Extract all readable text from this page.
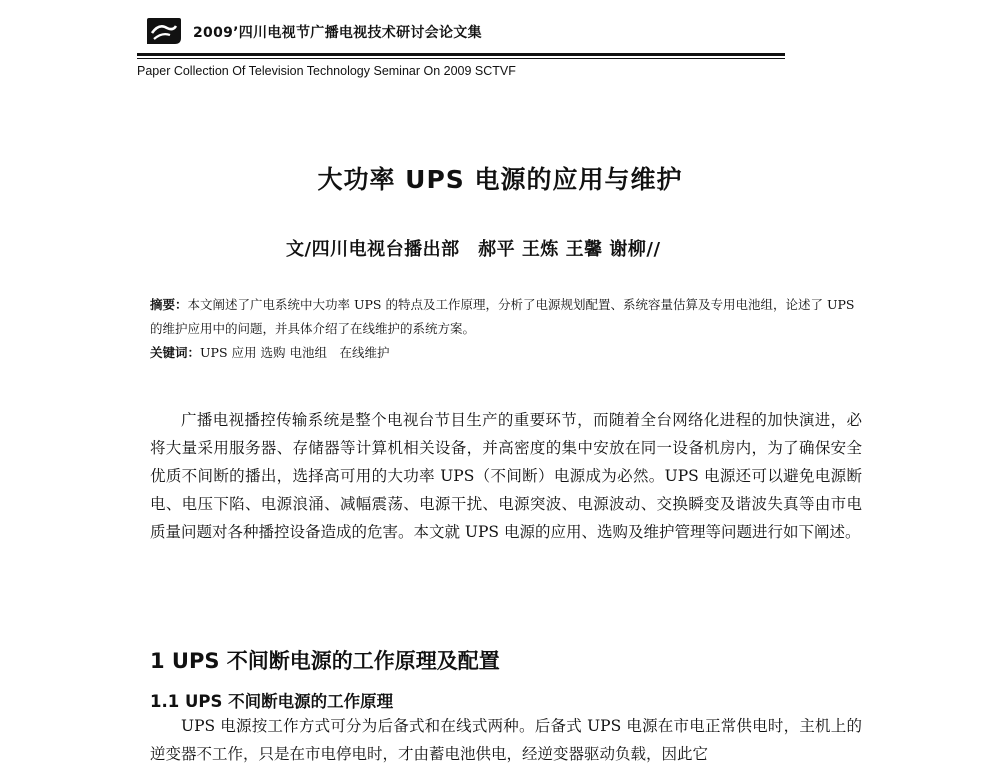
2009’四川电视节广播电视技术研讨会论文集
Paper Collection Of Television Technology Seminar On 2009 SCTVF
大功率 UPS 电源的应用与维护
文/四川电视台播出部　郝平 王炼 王馨 谢柳//

摘要：本文阐述了广电系统中大功率 UPS 的特点及工作原理，分析了电源规划配置、系统容量估算及专用电池组，论述了 UPS 的维护应用中的问题，并具体介绍了在线维护的系统方案。

关键词：UPS 应用 选购 电池组　在线维护

广播电视播控传输系统是整个电视台节目生产的重要环节，而随着全台网络化进程的加快演进，必将大量采用服务器、存储器等计算机相关设备，并高密度的集中安放在同一设备机房内，为了确保安全优质不间断的播出，选择高可用的大功率 UPS（不间断）电源成为必然。UPS 电源还可以避免电源断电、电压下陷、电源浪涌、减幅震荡、电源干扰、电源突波、电源波动、交换瞬变及谐波失真等由市电质量问题对各种播控设备造成的危害。本文就 UPS 电源的应用、选购及维护管理等问题进行如下阐述。

1 UPS 不间断电源的工作原理及配置
1.1 UPS 不间断电源的工作原理

UPS 电源按工作方式可分为后备式和在线式两种。后备式 UPS 电源在市电正常供电时，主机上的逆变器不工作，只是在市电停电时，才由蓄电池供电，经逆变器驱动负载，因此它
